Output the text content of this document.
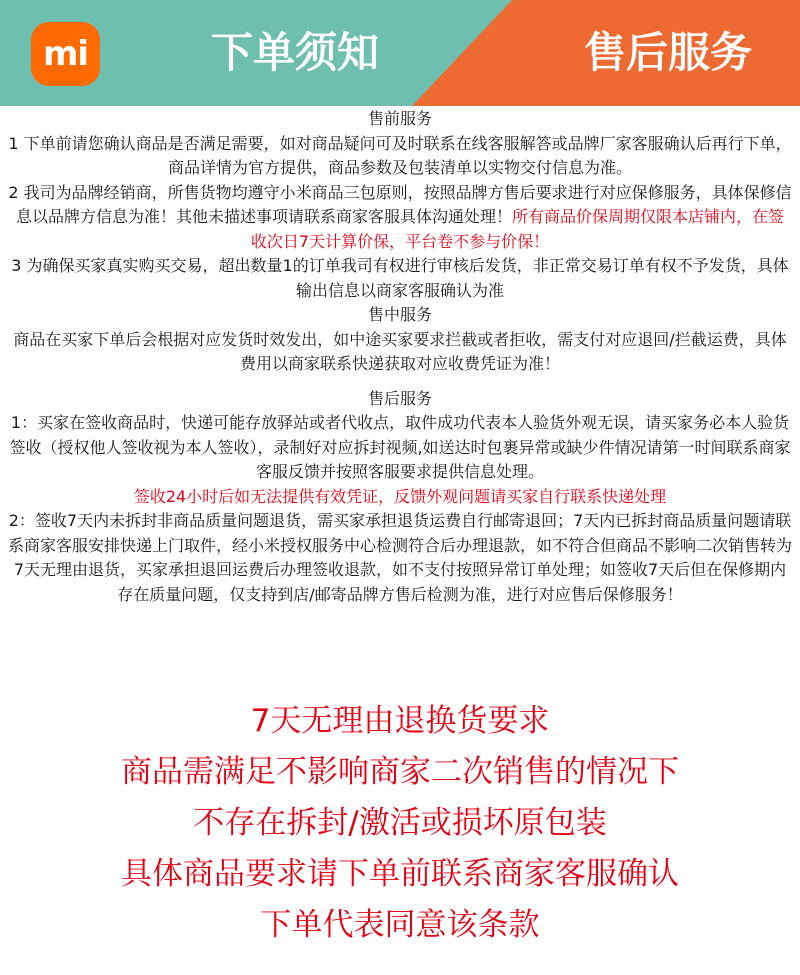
mi	下单须知	售后服务

售前服务

1 下单前请您确认商品是否满足需要，如对商品疑问可及时联系在线客服解答或品牌厂家客服确认后再行下单，商品详情为官方提供，商品参数及包装清单以实物交付信息为准。

2 我司为品牌经销商，所售货物均遵守小米商品三包原则，按照品牌方售后要求进行对应保修服务，具体保修信息以品牌方信息为准！其他未描述事项请联系商家客服具体沟通处理！所有商品价保周期仅限本店铺内，在签收次日7天计算价保，平台卷不参与价保！

3 为确保买家真实购买交易，超出数量1的订单我司有权进行审核后发货，非正常交易订单有权不予发货，具体输出信息以商家客服确认为准

售中服务

商品在买家下单后会根据对应发货时效发出，如中途买家要求拦截或者拒收，需支付对应退回/拦截运费，具体费用以商家联系快递获取对应收费凭证为准！

售后服务

1：买家在签收商品时，快递可能存放驿站或者代收点，取件成功代表本人验货外观无误，请买家务必本人验货签收（授权他人签收视为本人签收），录制好对应拆封视频,如送达时包裹异常或缺少件情况请第一时间联系商家客服反馈并按照客服要求提供信息处理。

签收24小时后如无法提供有效凭证，反馈外观问题请买家自行联系快递处理

2：签收7天内未拆封非商品质量问题退货，需买家承担退货运费自行邮寄退回；7天内已拆封商品质量问题请联系商家客服安排快递上门取件，经小米授权服务中心检测符合后办理退款，如不符合但商品不影响二次销售转为7天无理由退货，买家承担退回运费后办理签收退款，如不支付按照异常订单处理；如签收7天后但在保修期内存在质量问题，仅支持到店/邮寄品牌方售后检测为准，进行对应售后保修服务！

7天无理由退换货要求

商品需满足不影响商家二次销售的情况下

不存在拆封/激活或损坏原包装

具体商品要求请下单前联系商家客服确认

下单代表同意该条款
